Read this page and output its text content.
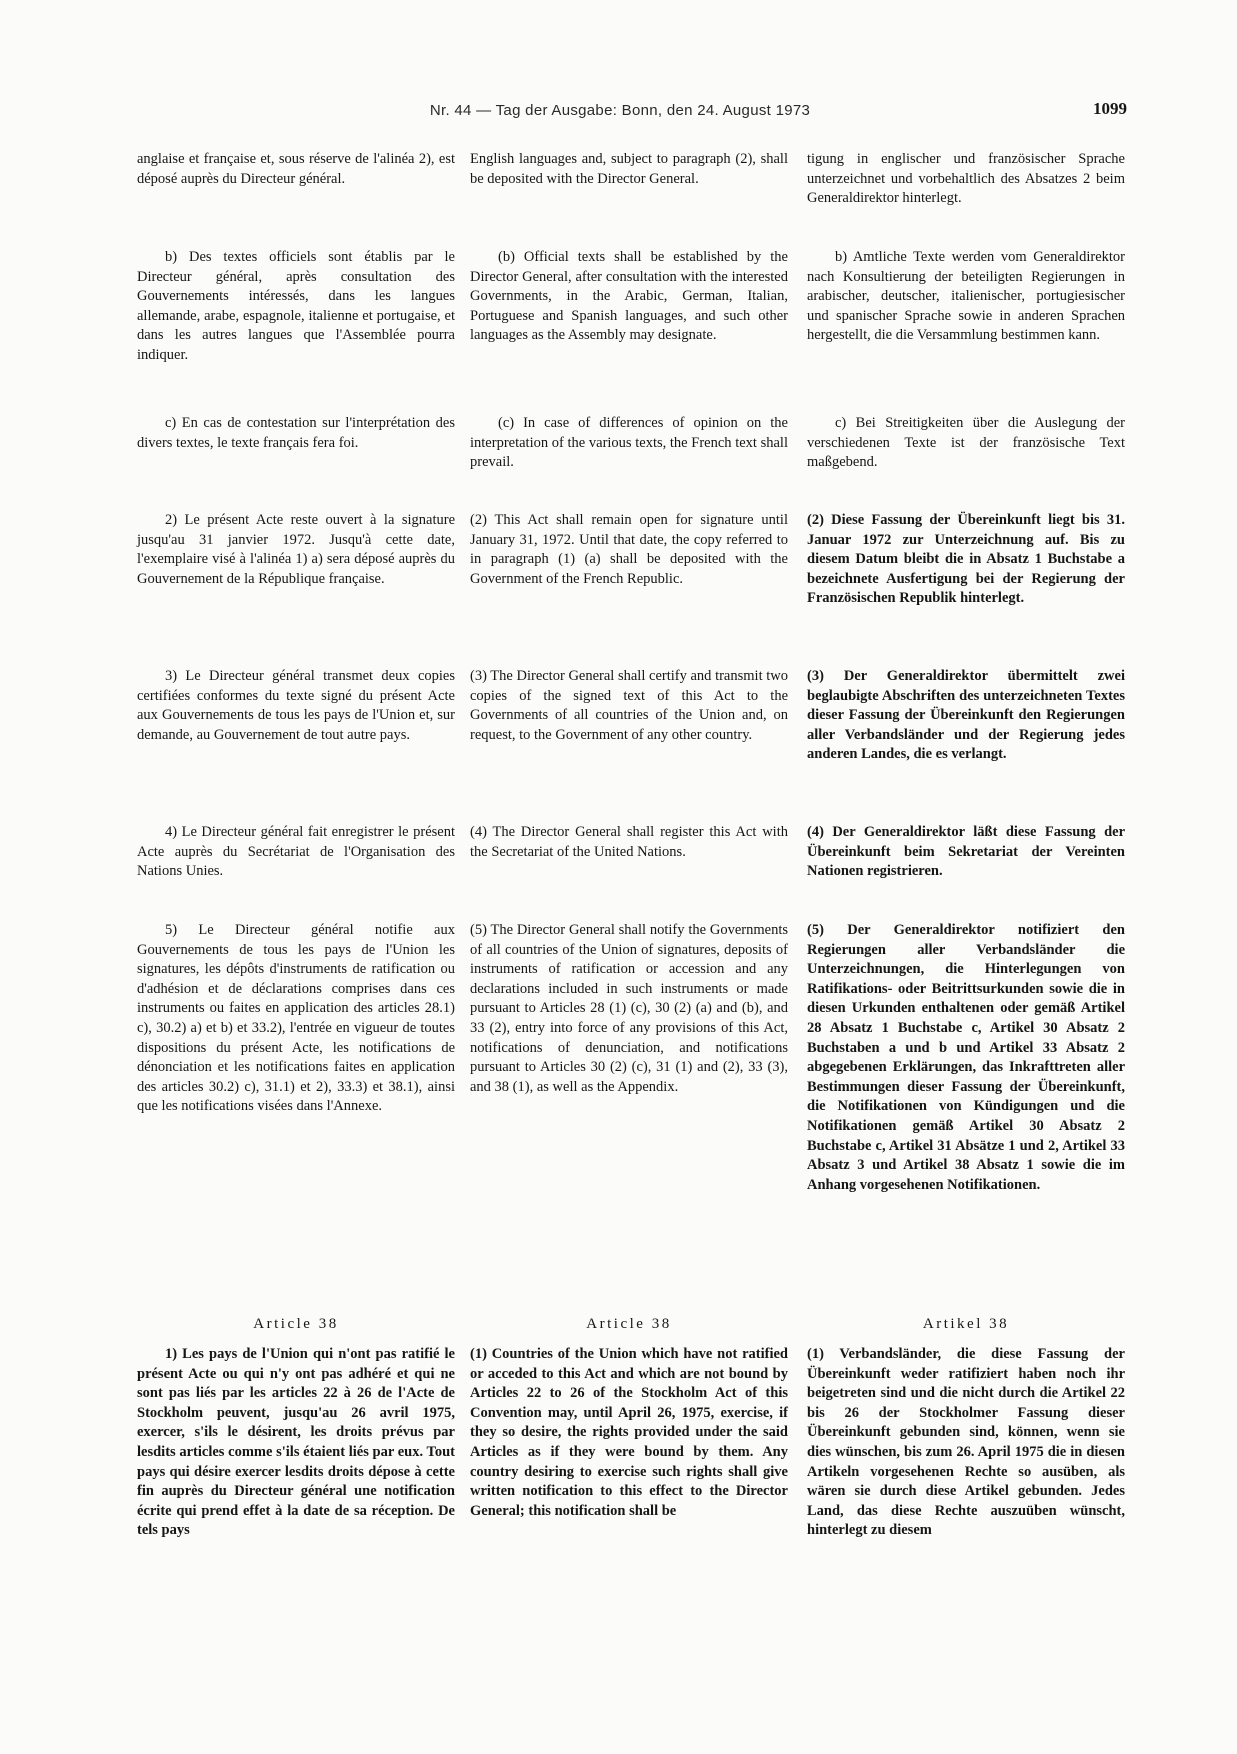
Nr. 44 — Tag der Ausgabe: Bonn, den 24. August 1973	1099

anglaise et française et, sous réserve de l'alinéa 2), est déposé auprès du Directeur général.

b) Des textes officiels sont établis par le Directeur général, après consultation des Gouvernements intéressés, dans les langues allemande, arabe, espagnole, italienne et portugaise, et dans les autres langues que l'Assemblée pourra indiquer.

c) En cas de contestation sur l'interprétation des divers textes, le texte français fera foi.

2) Le présent Acte reste ouvert à la signature jusqu'au 31 janvier 1972. Jusqu'à cette date, l'exemplaire visé à l'alinéa 1) a) sera déposé auprès du Gouvernement de la République française.

3) Le Directeur général transmet deux copies certifiées conformes du texte signé du présent Acte aux Gouvernements de tous les pays de l'Union et, sur demande, au Gouvernement de tout autre pays.

4) Le Directeur général fait enregistrer le présent Acte auprès du Secrétariat de l'Organisation des Nations Unies.

5) Le Directeur général notifie aux Gouvernements de tous les pays de l'Union les signatures, les dépôts d'instruments de ratification ou d'adhésion et de déclarations comprises dans ces instruments ou faites en application des articles 28.1) c), 30.2) a) et b) et 33.2), l'entrée en vigueur de toutes dispositions du présent Acte, les notifications de dénonciation et les notifications faites en application des articles 30.2) c), 31.1) et 2), 33.3) et 38.1), ainsi que les notifications visées dans l'Annexe.

English languages and, subject to paragraph (2), shall be deposited with the Director General.

(b) Official texts shall be established by the Director General, after consultation with the interested Governments, in the Arabic, German, Italian, Portuguese and Spanish languages, and such other languages as the Assembly may designate.

(c) In case of differences of opinion on the interpretation of the various texts, the French text shall prevail.

(2) This Act shall remain open for signature until January 31, 1972. Until that date, the copy referred to in paragraph (1) (a) shall be deposited with the Government of the French Republic.

(3) The Director General shall certify and transmit two copies of the signed text of this Act to the Governments of all countries of the Union and, on request, to the Government of any other country.

(4) The Director General shall register this Act with the Secretariat of the United Nations.

(5) The Director General shall notify the Governments of all countries of the Union of signatures, deposits of instruments of ratification or accession and any declarations included in such instruments or made pursuant to Articles 28 (1) (c), 30 (2) (a) and (b), and 33 (2), entry into force of any provisions of this Act, notifications of denunciation, and notifications pursuant to Articles 30 (2) (c), 31 (1) and (2), 33 (3), and 38 (1), as well as the Appendix.

tigung in englischer und französischer Sprache unterzeichnet und vorbehaltlich des Absatzes 2 beim Generaldirektor hinterlegt.

b) Amtliche Texte werden vom Generaldirektor nach Konsultierung der beteiligten Regierungen in arabischer, deutscher, italienischer, portugiesischer und spanischer Sprache sowie in anderen Sprachen hergestellt, die die Versammlung bestimmen kann.

c) Bei Streitigkeiten über die Auslegung der verschiedenen Texte ist der französische Text maßgebend.

(2) Diese Fassung der Übereinkunft liegt bis 31. Januar 1972 zur Unterzeichnung auf. Bis zu diesem Datum bleibt die in Absatz 1 Buchstabe a bezeichnete Ausfertigung bei der Regierung der Französischen Republik hinterlegt.

(3) Der Generaldirektor übermittelt zwei beglaubigte Abschriften des unterzeichneten Textes dieser Fassung der Übereinkunft den Regierungen aller Verbandsländer und der Regierung jedes anderen Landes, die es verlangt.

(4) Der Generaldirektor läßt diese Fassung der Übereinkunft beim Sekretariat der Vereinten Nationen registrieren.

(5) Der Generaldirektor notifiziert den Regierungen aller Verbandsländer die Unterzeichnungen, die Hinterlegungen von Ratifikations- oder Beitrittsurkunden sowie die in diesen Urkunden enthaltenen oder gemäß Artikel 28 Absatz 1 Buchstabe c, Artikel 30 Absatz 2 Buchstaben a und b und Artikel 33 Absatz 2 abgegebenen Erklärungen, das Inkrafttreten aller Bestimmungen dieser Fassung der Übereinkunft, die Notifikationen von Kündigungen und die Notifikationen gemäß Artikel 30 Absatz 2 Buchstabe c, Artikel 31 Absätze 1 und 2, Artikel 33 Absatz 3 und Artikel 38 Absatz 1 sowie die im Anhang vorgesehenen Notifikationen.

Article 38	Article 38	Artikel 38

1) Les pays de l'Union qui n'ont pas ratifié le présent Acte ou qui n'y ont pas adhéré et qui ne sont pas liés par les articles 22 à 26 de l'Acte de Stockholm peuvent, jusqu'au 26 avril 1975, exercer, s'ils le désirent, les droits prévus par lesdits articles comme s'ils étaient liés par eux. Tout pays qui désire exercer lesdits droits dépose à cette fin auprès du Directeur général une notification écrite qui prend effet à la date de sa réception. De tels pays

(1) Countries of the Union which have not ratified or acceded to this Act and which are not bound by Articles 22 to 26 of the Stockholm Act of this Convention may, until April 26, 1975, exercise, if they so desire, the rights provided under the said Articles as if they were bound by them. Any country desiring to exercise such rights shall give written notification to this effect to the Director General; this notification shall be

(1) Verbandsländer, die diese Fassung der Übereinkunft weder ratifiziert haben noch ihr beigetreten sind und die nicht durch die Artikel 22 bis 26 der Stockholmer Fassung dieser Übereinkunft gebunden sind, können, wenn sie dies wünschen, bis zum 26. April 1975 die in diesen Artikeln vorgesehenen Rechte so ausüben, als wären sie durch diese Artikel gebunden. Jedes Land, das diese Rechte auszuüben wünscht, hinterlegt zu diesem
